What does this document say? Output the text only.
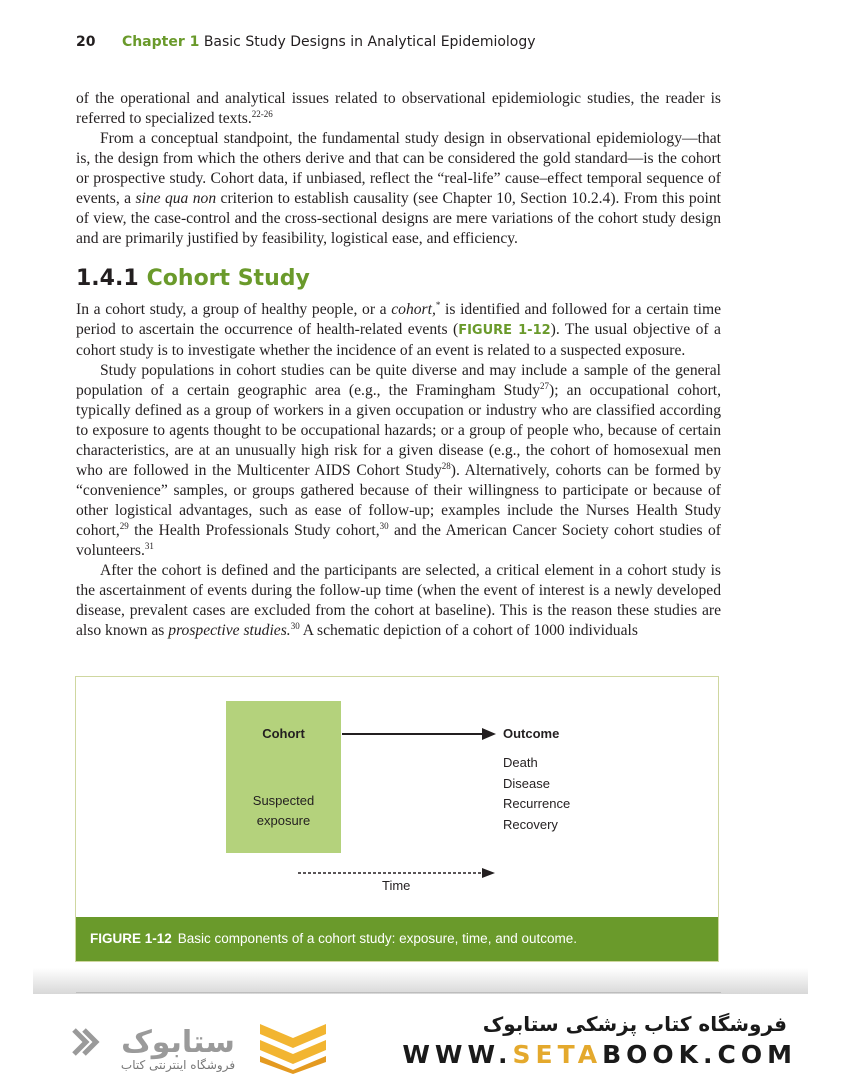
20 Chapter 1 Basic Study Designs in Analytical Epidemiology

of the operational and analytical issues related to observational epidemiologic studies, the reader is referred to specialized texts.$^{22-26}$

From a conceptual standpoint, the fundamental study design in observational epidemiology—that is, the design from which the others derive and that can be considered the gold standard—is the cohort or prospective study. Cohort data, if unbiased, reflect the “real-life” cause–effect temporal sequence of events, a sine qua non criterion to establish causality (see Chapter 10, Section 10.2.4). From this point of view, the case-control and the cross-sectional designs are mere variations of the cohort study design and are primarily justified by feasibility, logistical ease, and efficiency.

1.4.1 Cohort Study

In a cohort study, a group of healthy people, or a cohort,* is identified and followed for a certain time period to ascertain the occurrence of health-related events (FIGURE 1-12). The usual objective of a cohort study is to investigate whether the incidence of an event is related to a suspected exposure.

Study populations in cohort studies can be quite diverse and may include a sample of the general population of a certain geographic area (e.g., the Framingham Study$^{27}$); an occupational cohort, typically defined as a group of workers in a given occupation or industry who are classified according to exposure to agents thought to be occupational hazards; or a group of people who, because of certain characteristics, are at an unusually high risk for a given disease (e.g., the cohort of homosexual men who are followed in the Multicenter AIDS Cohort Study$^{28}$). Alternatively, cohorts can be formed by “convenience” samples, or groups gathered because of their willingness to participate or because of other logistical advantages, such as ease of follow-up; examples include the Nurses Health Study cohort,$^{29}$ the Health Professionals Study cohort,$^{30}$ and the American Cancer Society cohort studies of volunteers.$^{31}$

After the cohort is defined and the participants are selected, a critical element in a cohort study is the ascertainment of events during the follow-up time (when the event of interest is a newly developed disease, prevalent cases are excluded from the cohort at baseline). This is the reason these studies are also known as prospective studies.$^{30}$ A schematic depiction of a cohort of 1000 individuals

Cohort
Suspected
exposure
Outcome
Death
Disease
Recurrence
Recovery
Time
FIGURE 1-12 Basic components of a cohort study: exposure, time, and outcome.
ستابوک
فروشگاه اینترنتی کتاب
فروشگاه کتاب پزشکی ستابوک
WWW.SETABOOK.COM
